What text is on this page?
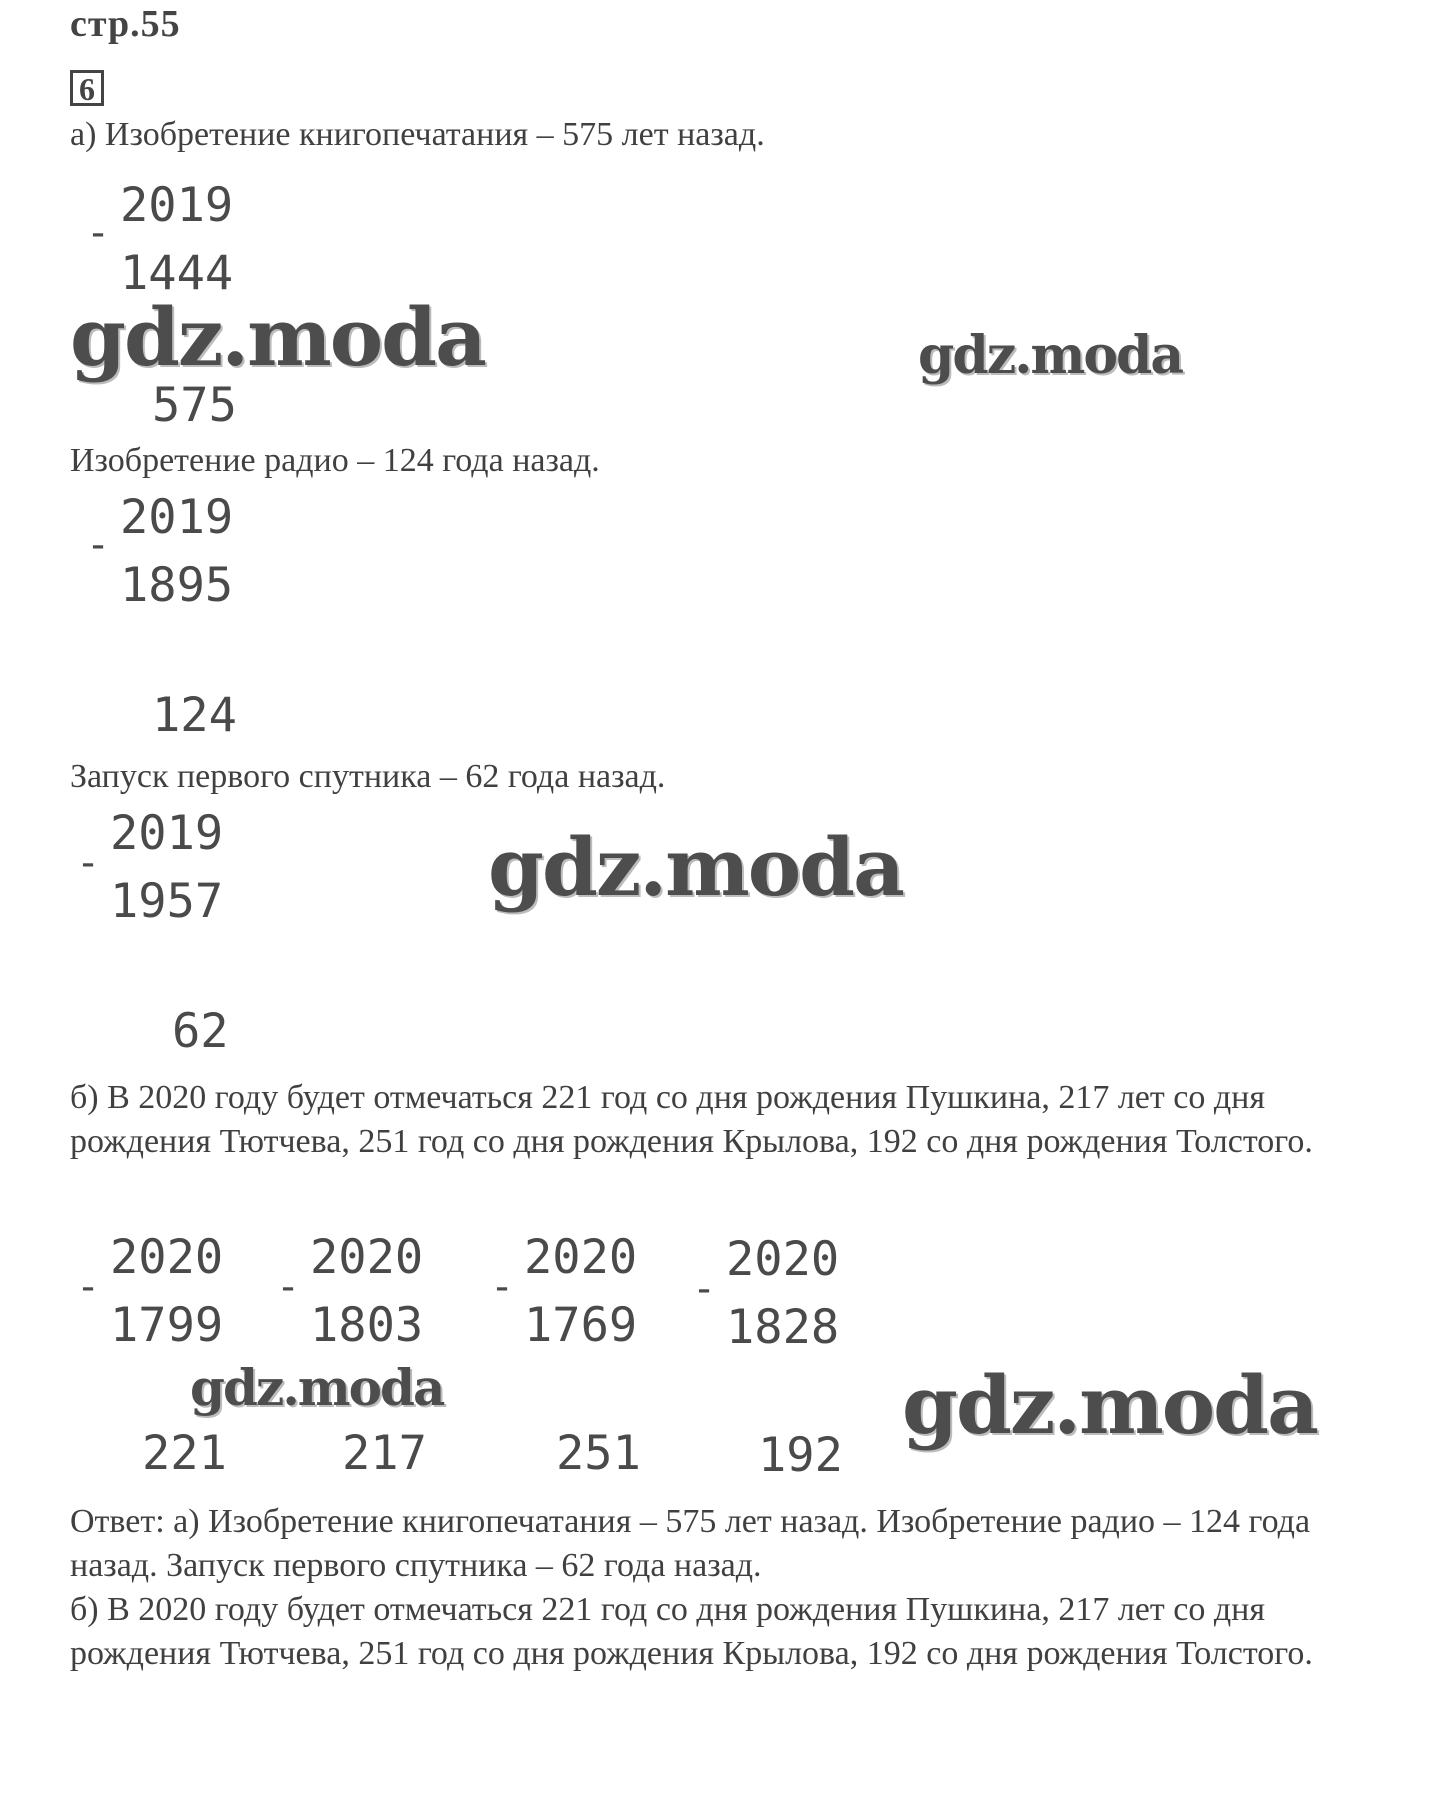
стр.55
6
а) Изобретение книгопечатания – 575 лет назад.
- 2019
1444
575
Изобретение радио – 124 года назад.
- 2019
1895
124
Запуск первого спутника – 62 года назад.
-
2019
1957
62
б) В 2020 году будет отмечаться 221 год со дня рождения Пушкина, 217 лет со дня рождения Тютчева, 251 год со дня рождения Крылова, 192 со дня рождения Толстого.
-
2020
1799
221
-
2020
1803
217
-
2020
1769
251
-
2020
1828
192
Ответ: а) Изобретение книгопечатания – 575 лет назад. Изобретение радио – 124 года назад. Запуск первого спутника – 62 года назад.
б) В 2020 году будет отмечаться 221 год со дня рождения Пушкина, 217 лет со дня рождения Тютчева, 251 год со дня рождения Крылова, 192 со дня рождения Толстого.
gdz.moda	gdz.moda
gdz.moda
gdz.moda	gdz.moda
